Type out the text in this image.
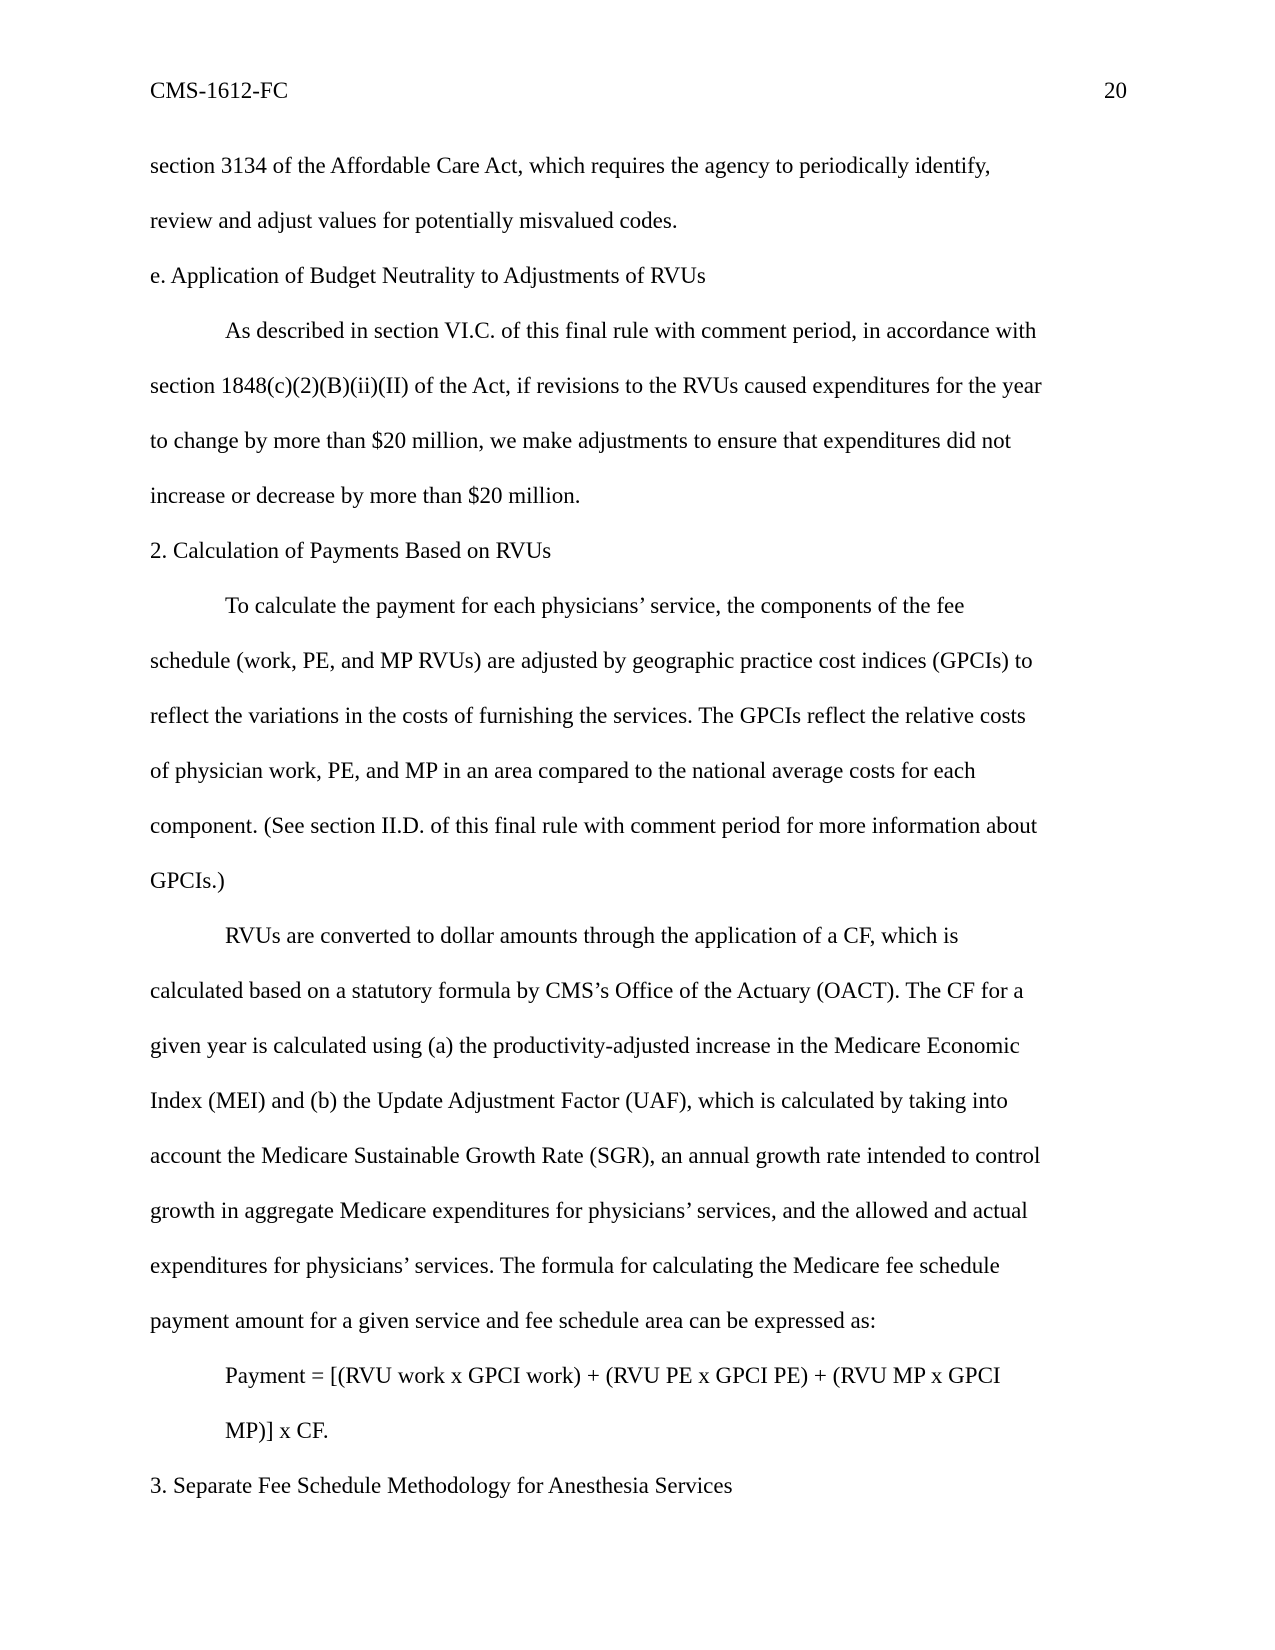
CMS-1612-FC	20
section 3134 of the Affordable Care Act, which requires the agency to periodically identify,
review and adjust values for potentially misvalued codes.
e. Application of Budget Neutrality to Adjustments of RVUs
As described in section VI.C. of this final rule with comment period, in accordance with
section 1848(c)(2)(B)(ii)(II) of the Act, if revisions to the RVUs caused expenditures for the year
to change by more than $20 million, we make adjustments to ensure that expenditures did not
increase or decrease by more than $20 million.
2. Calculation of Payments Based on RVUs
To calculate the payment for each physicians’ service, the components of the fee
schedule (work, PE, and MP RVUs) are adjusted by geographic practice cost indices (GPCIs) to
reflect the variations in the costs of furnishing the services. The GPCIs reflect the relative costs
of physician work, PE, and MP in an area compared to the national average costs for each
component. (See section II.D. of this final rule with comment period for more information about
GPCIs.)
RVUs are converted to dollar amounts through the application of a CF, which is
calculated based on a statutory formula by CMS’s Office of the Actuary (OACT). The CF for a
given year is calculated using (a) the productivity-adjusted increase in the Medicare Economic
Index (MEI) and (b) the Update Adjustment Factor (UAF), which is calculated by taking into
account the Medicare Sustainable Growth Rate (SGR), an annual growth rate intended to control
growth in aggregate Medicare expenditures for physicians’ services, and the allowed and actual
expenditures for physicians’ services. The formula for calculating the Medicare fee schedule
payment amount for a given service and fee schedule area can be expressed as:
Payment = [(RVU work x GPCI work) + (RVU PE x GPCI PE) + (RVU MP x GPCI
MP)] x CF.
3. Separate Fee Schedule Methodology for Anesthesia Services
